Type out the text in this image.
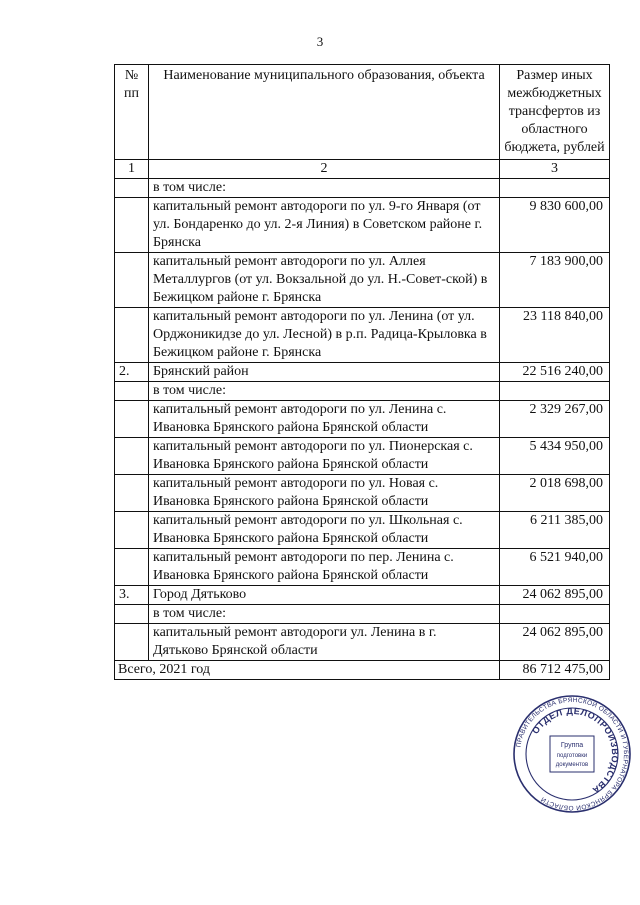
3
№
пп	Наименование муниципального образования, объекта	Размер иных межбюджетных трансфертов из областного бюджета, рублей
1	2	3
	в том числе:	
	капитальный ремонт автодороги по ул. 9-го Января (от ул. Бондаренко до ул. 2-я Линия) в Советском районе г. Брянска	9 830 600,00
	капитальный ремонт автодороги по ул. Аллея Металлургов (от ул. Вокзальной до ул. Н.-Совет-ской) в Бежицком районе г. Брянска	7 183 900,00
	капитальный ремонт автодороги по ул. Ленина (от ул. Орджоникидзе до ул. Лесной) в р.п. Радица-Крыловка в Бежицком районе г. Брянска	23 118 840,00
2.	Брянский район	22 516 240,00
	в том числе:	
	капитальный ремонт автодороги по ул. Ленина с. Ивановка Брянского района Брянской области	2 329 267,00
	капитальный ремонт автодороги по ул. Пионерская с. Ивановка Брянского района Брянской области	5 434 950,00
	капитальный ремонт автодороги по ул. Новая с. Ивановка Брянского района Брянской области	2 018 698,00
	капитальный ремонт автодороги по ул. Школьная с. Ивановка Брянского района Брянской области	6 211 385,00
	капитальный ремонт автодороги по пер. Ленина с. Ивановка Брянского района Брянской области	6 521 940,00
3.	Город Дятьково	24 062 895,00
	в том числе:	
	капитальный ремонт автодороги ул. Ленина в г. Дятьково Брянской области	24 062 895,00
Всего, 2021 год		86 712 475,00
ПРАВИТЕЛЬСТВА БРЯНСКОЙ ОБЛАСТИ И ГУБЕРНАТОРА БРЯНСКОЙ ОБЛАСТИ
ОТДЕЛ ДЕЛОПРОИЗВОДСТВА
Группа
подготовки
документов
